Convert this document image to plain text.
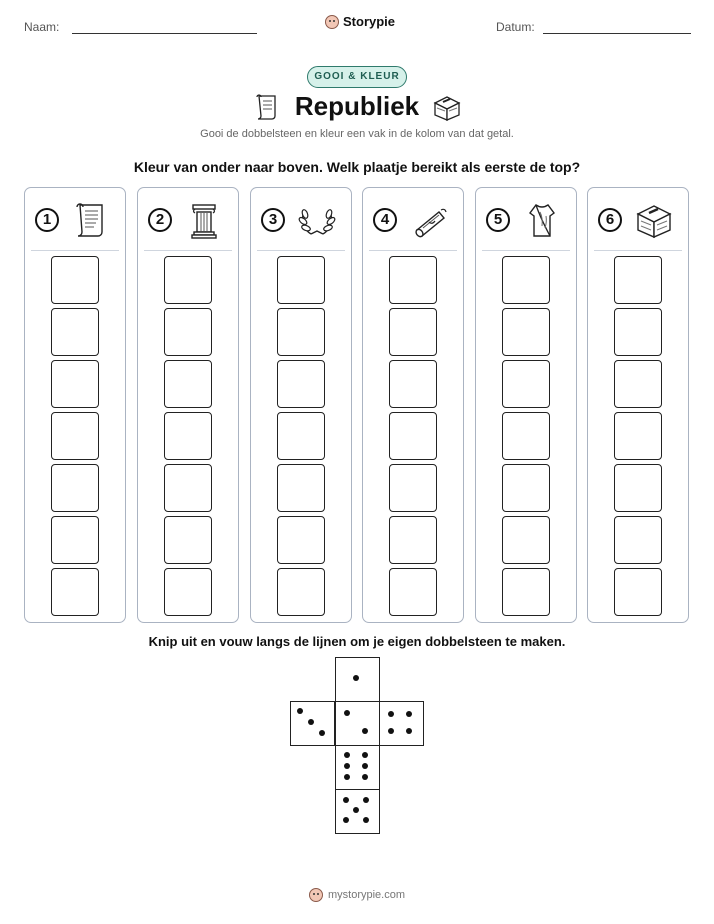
Naam:	Storypie	Datum:
GOOI & KLEUR
Republiek
Gooi de dobbelsteen en kleur een vak in de kolom van dat getal.
Kleur van onder naar boven. Welk plaatje bereikt als eerste de top?
1	2	3	4	5	6
Knip uit en vouw langs de lijnen om je eigen dobbelsteen te maken.
mystorypie.com
